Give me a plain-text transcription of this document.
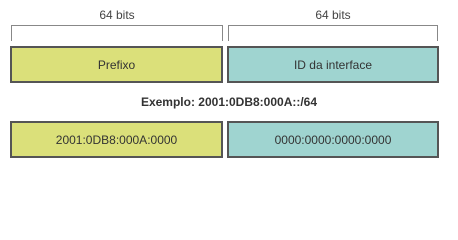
64 bits	64 bits
Prefixo	ID da interface
Exemplo: 2001:0DB8:000A::/64
2001:0DB8:000A:0000	0000:0000:0000:0000
